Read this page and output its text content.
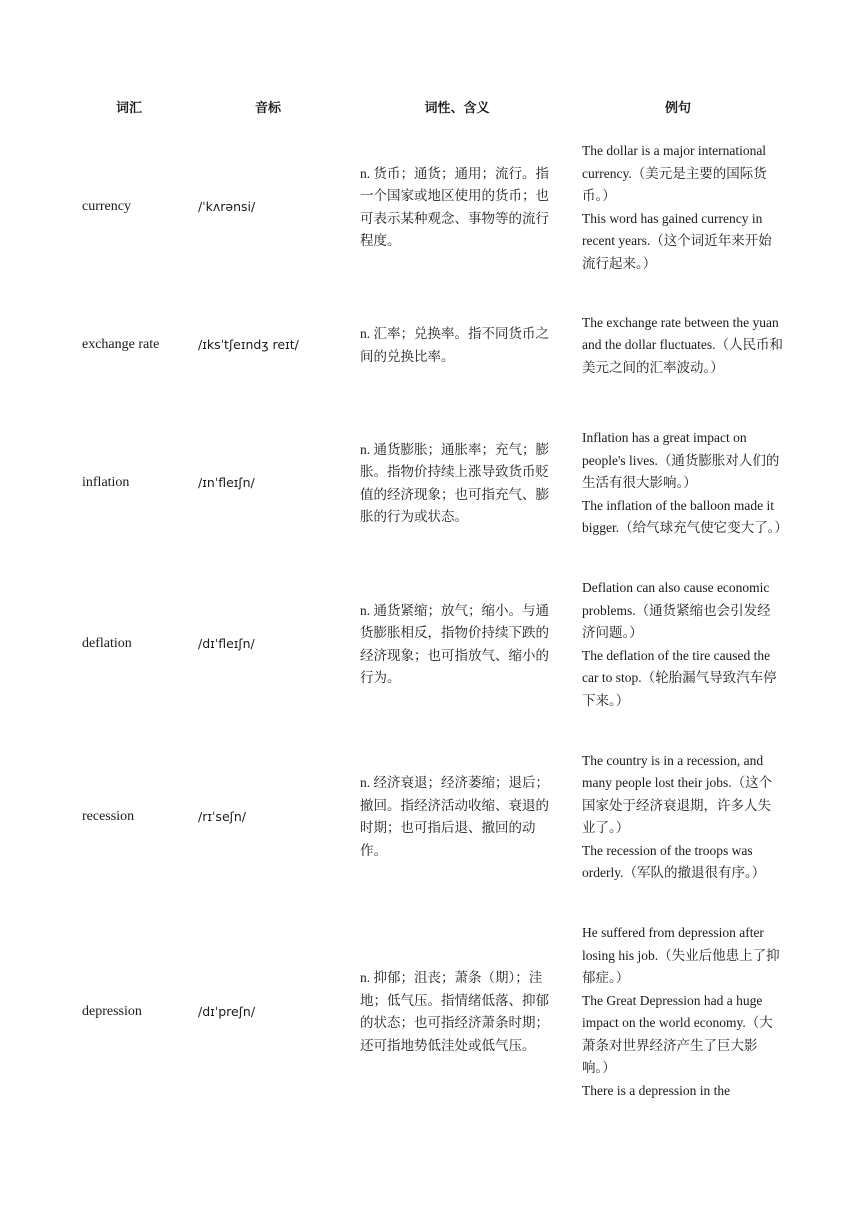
词汇	音标	词性、含义	例句
currency	/ˈkʌrənsi/	n. 货币；通货；通用；流行。指一个国家或地区使用的货币；也可表示某种观念、事物等的流行程度。	The dollar is a major international currency.（美元是主要的国际货币。）
This word has gained currency in recent years.（这个词近年来开始流行起来。）

exchange rate	/ɪksˈtʃeɪndʒ reɪt/	n. 汇率；兑换率。指不同货币之间的兑换比率。	The exchange rate between the yuan and the dollar fluctuates.（人民币和美元之间的汇率波动。）

inflation	/ɪnˈfleɪʃn/	n. 通货膨胀；通胀率；充气；膨胀。指物价持续上涨导致货币贬值的经济现象；也可指充气、膨胀的行为或状态。	Inflation has a great impact on people's lives.（通货膨胀对人们的生活有很大影响。）
The inflation of the balloon made it bigger.（给气球充气使它变大了。）

deflation	/dɪˈfleɪʃn/	n. 通货紧缩；放气；缩小。与通货膨胀相反，指物价持续下跌的经济现象；也可指放气、缩小的行为。	Deflation can also cause economic problems.（通货紧缩也会引发经济问题。）
The deflation of the tire caused the car to stop.（轮胎漏气导致汽车停下来。）

recession	/rɪˈseʃn/	n. 经济衰退；经济萎缩；退后；撤回。指经济活动收缩、衰退的时期；也可指后退、撤回的动作。	The country is in a recession, and many people lost their jobs.（这个国家处于经济衰退期，许多人失业了。）
The recession of the troops was orderly.（军队的撤退很有序。）

depression	/dɪˈpreʃn/	n. 抑郁；沮丧；萧条（期）；洼地；低气压。指情绪低落、抑郁的状态；也可指经济萧条时期；还可指地势低洼处或低气压。	He suffered from depression after losing his job.（失业后他患上了抑郁症。）
The Great Depression had a huge impact on the world economy.（大萧条对世界经济产生了巨大影响。）
There is a depression in the
